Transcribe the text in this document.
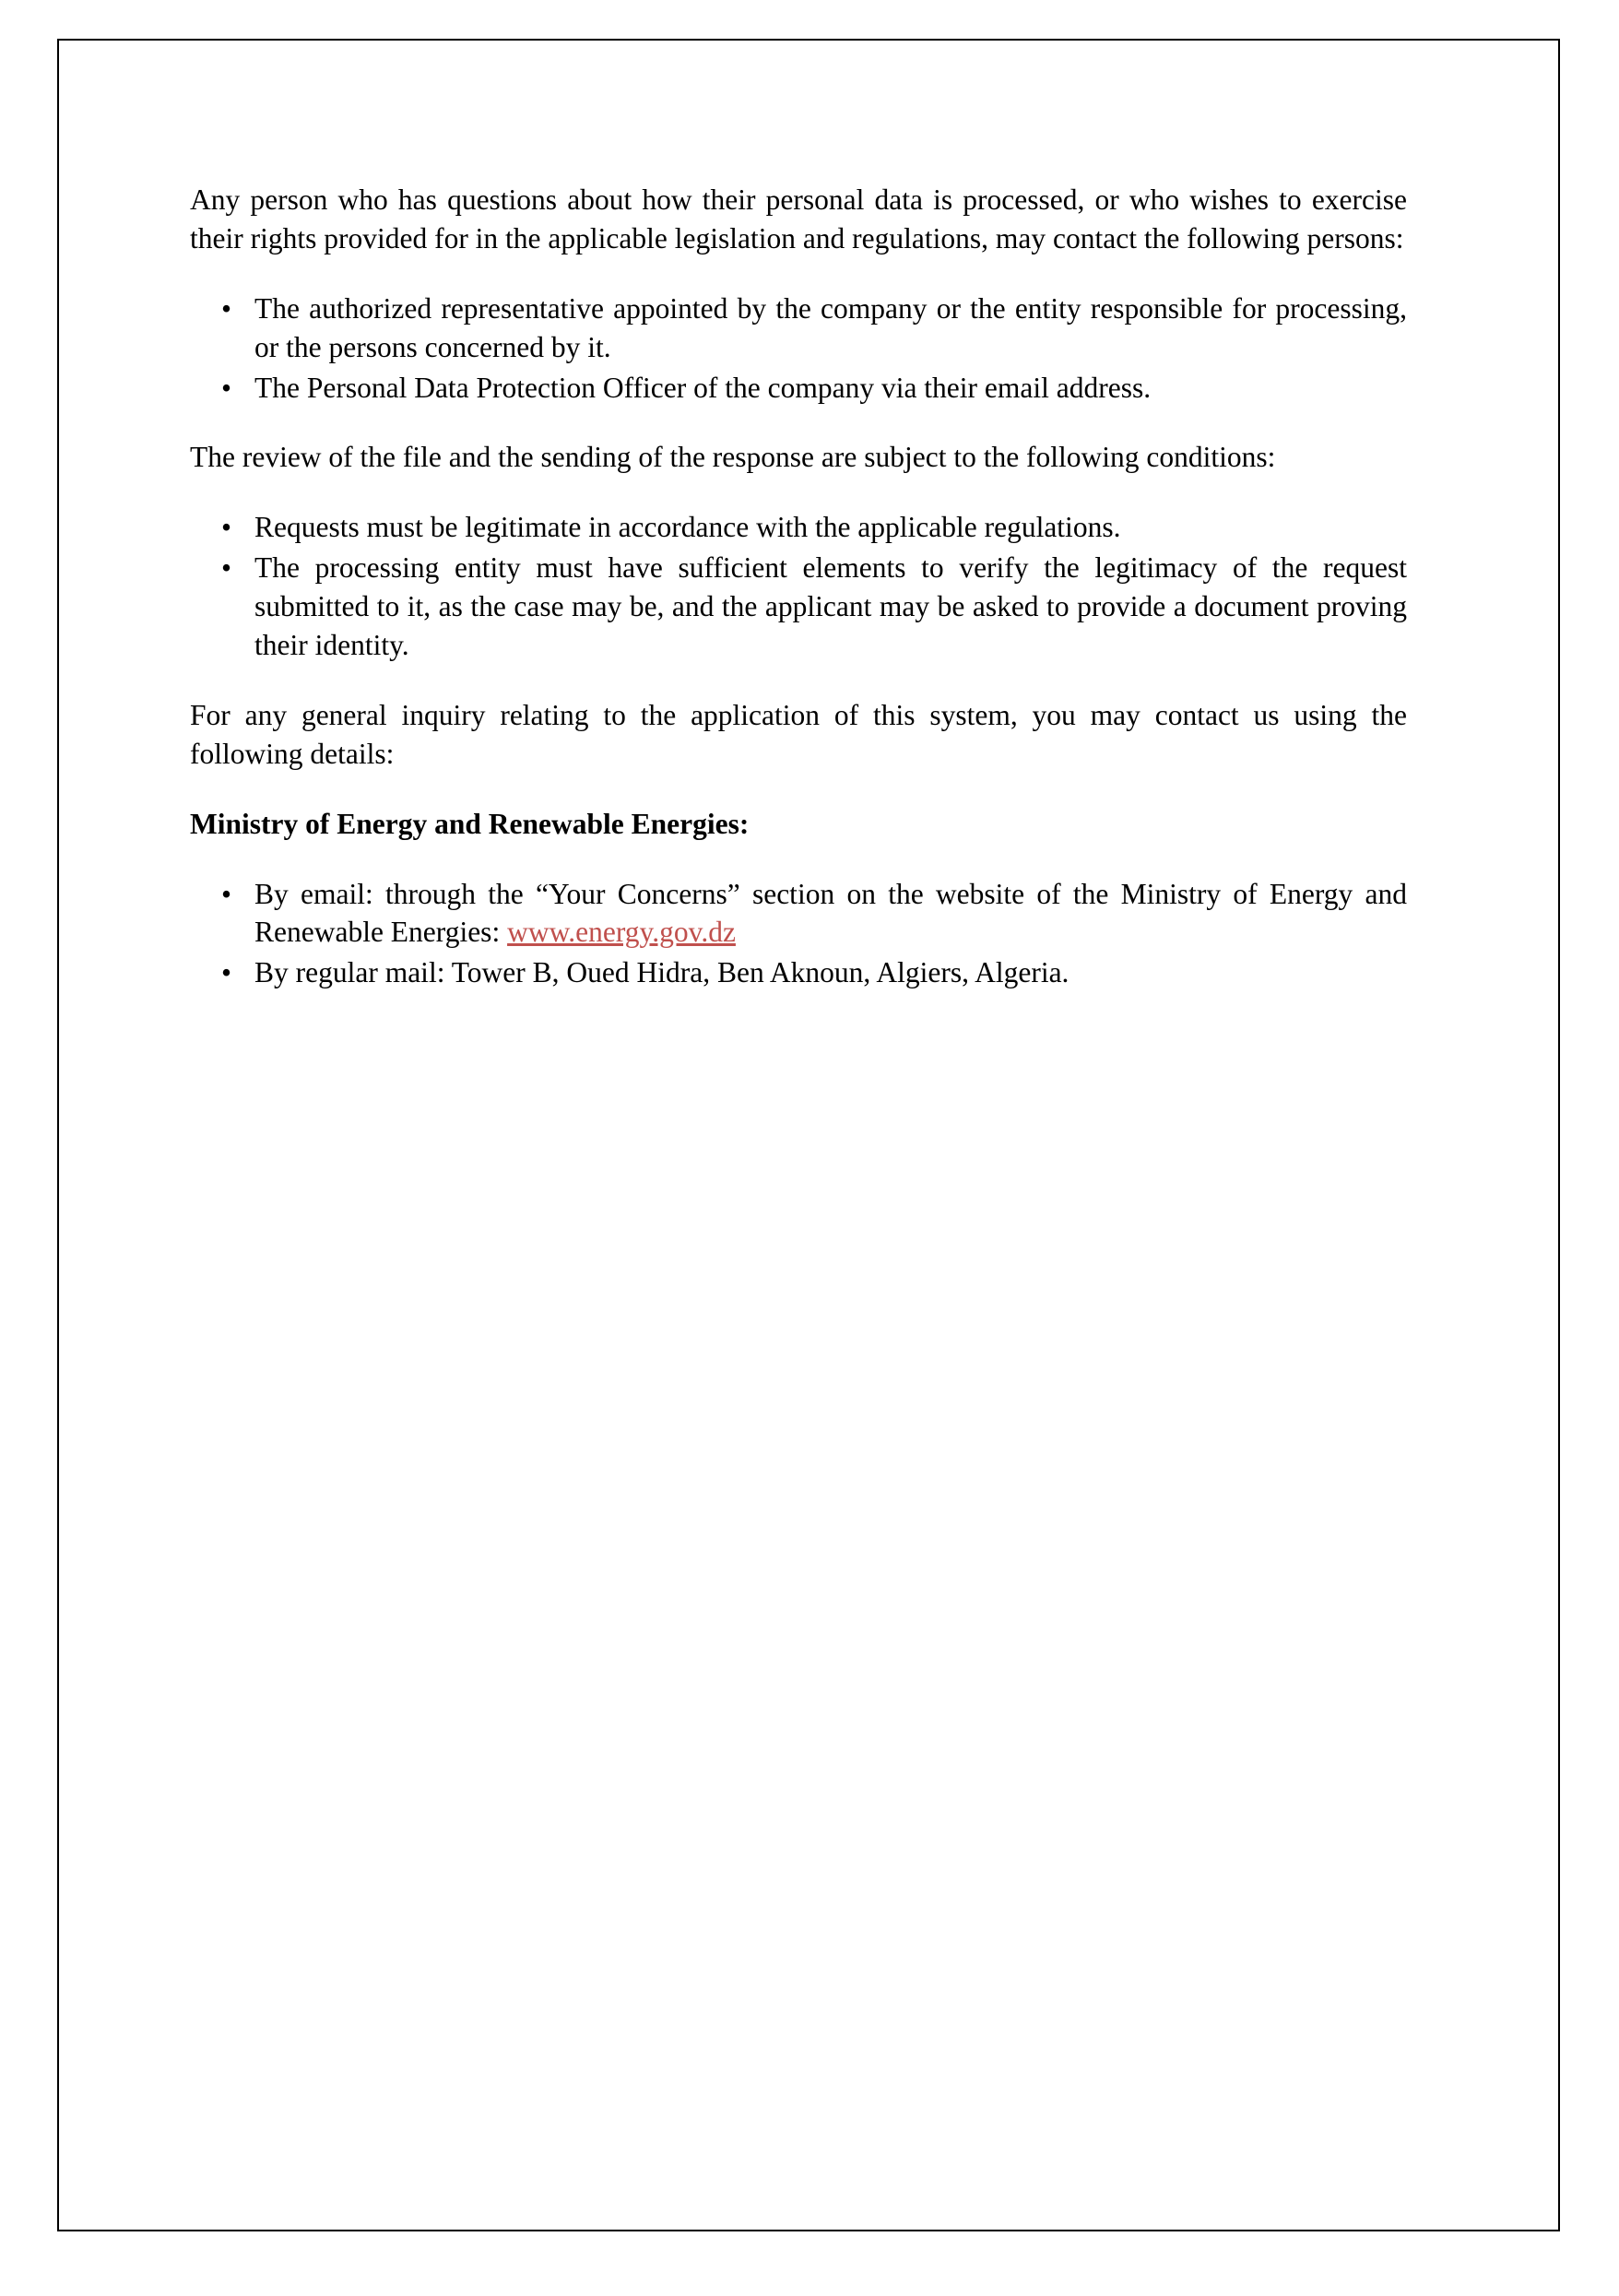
Any person who has questions about how their personal data is processed, or who wishes to exercise their rights provided for in the applicable legislation and regulations, may contact the following persons:

• The authorized representative appointed by the company or the entity responsible for processing, or the persons concerned by it.
• The Personal Data Protection Officer of the company via their email address.

The review of the file and the sending of the response are subject to the following conditions:

• Requests must be legitimate in accordance with the applicable regulations.
• The processing entity must have sufficient elements to verify the legitimacy of the request submitted to it, as the case may be, and the applicant may be asked to provide a document proving their identity.

For any general inquiry relating to the application of this system, you may contact us using the following details:

Ministry of Energy and Renewable Energies:

• By email: through the “Your Concerns” section on the website of the Ministry of Energy and Renewable Energies: www.energy.gov.dz
• By regular mail: Tower B, Oued Hidra, Ben Aknoun, Algiers, Algeria.
